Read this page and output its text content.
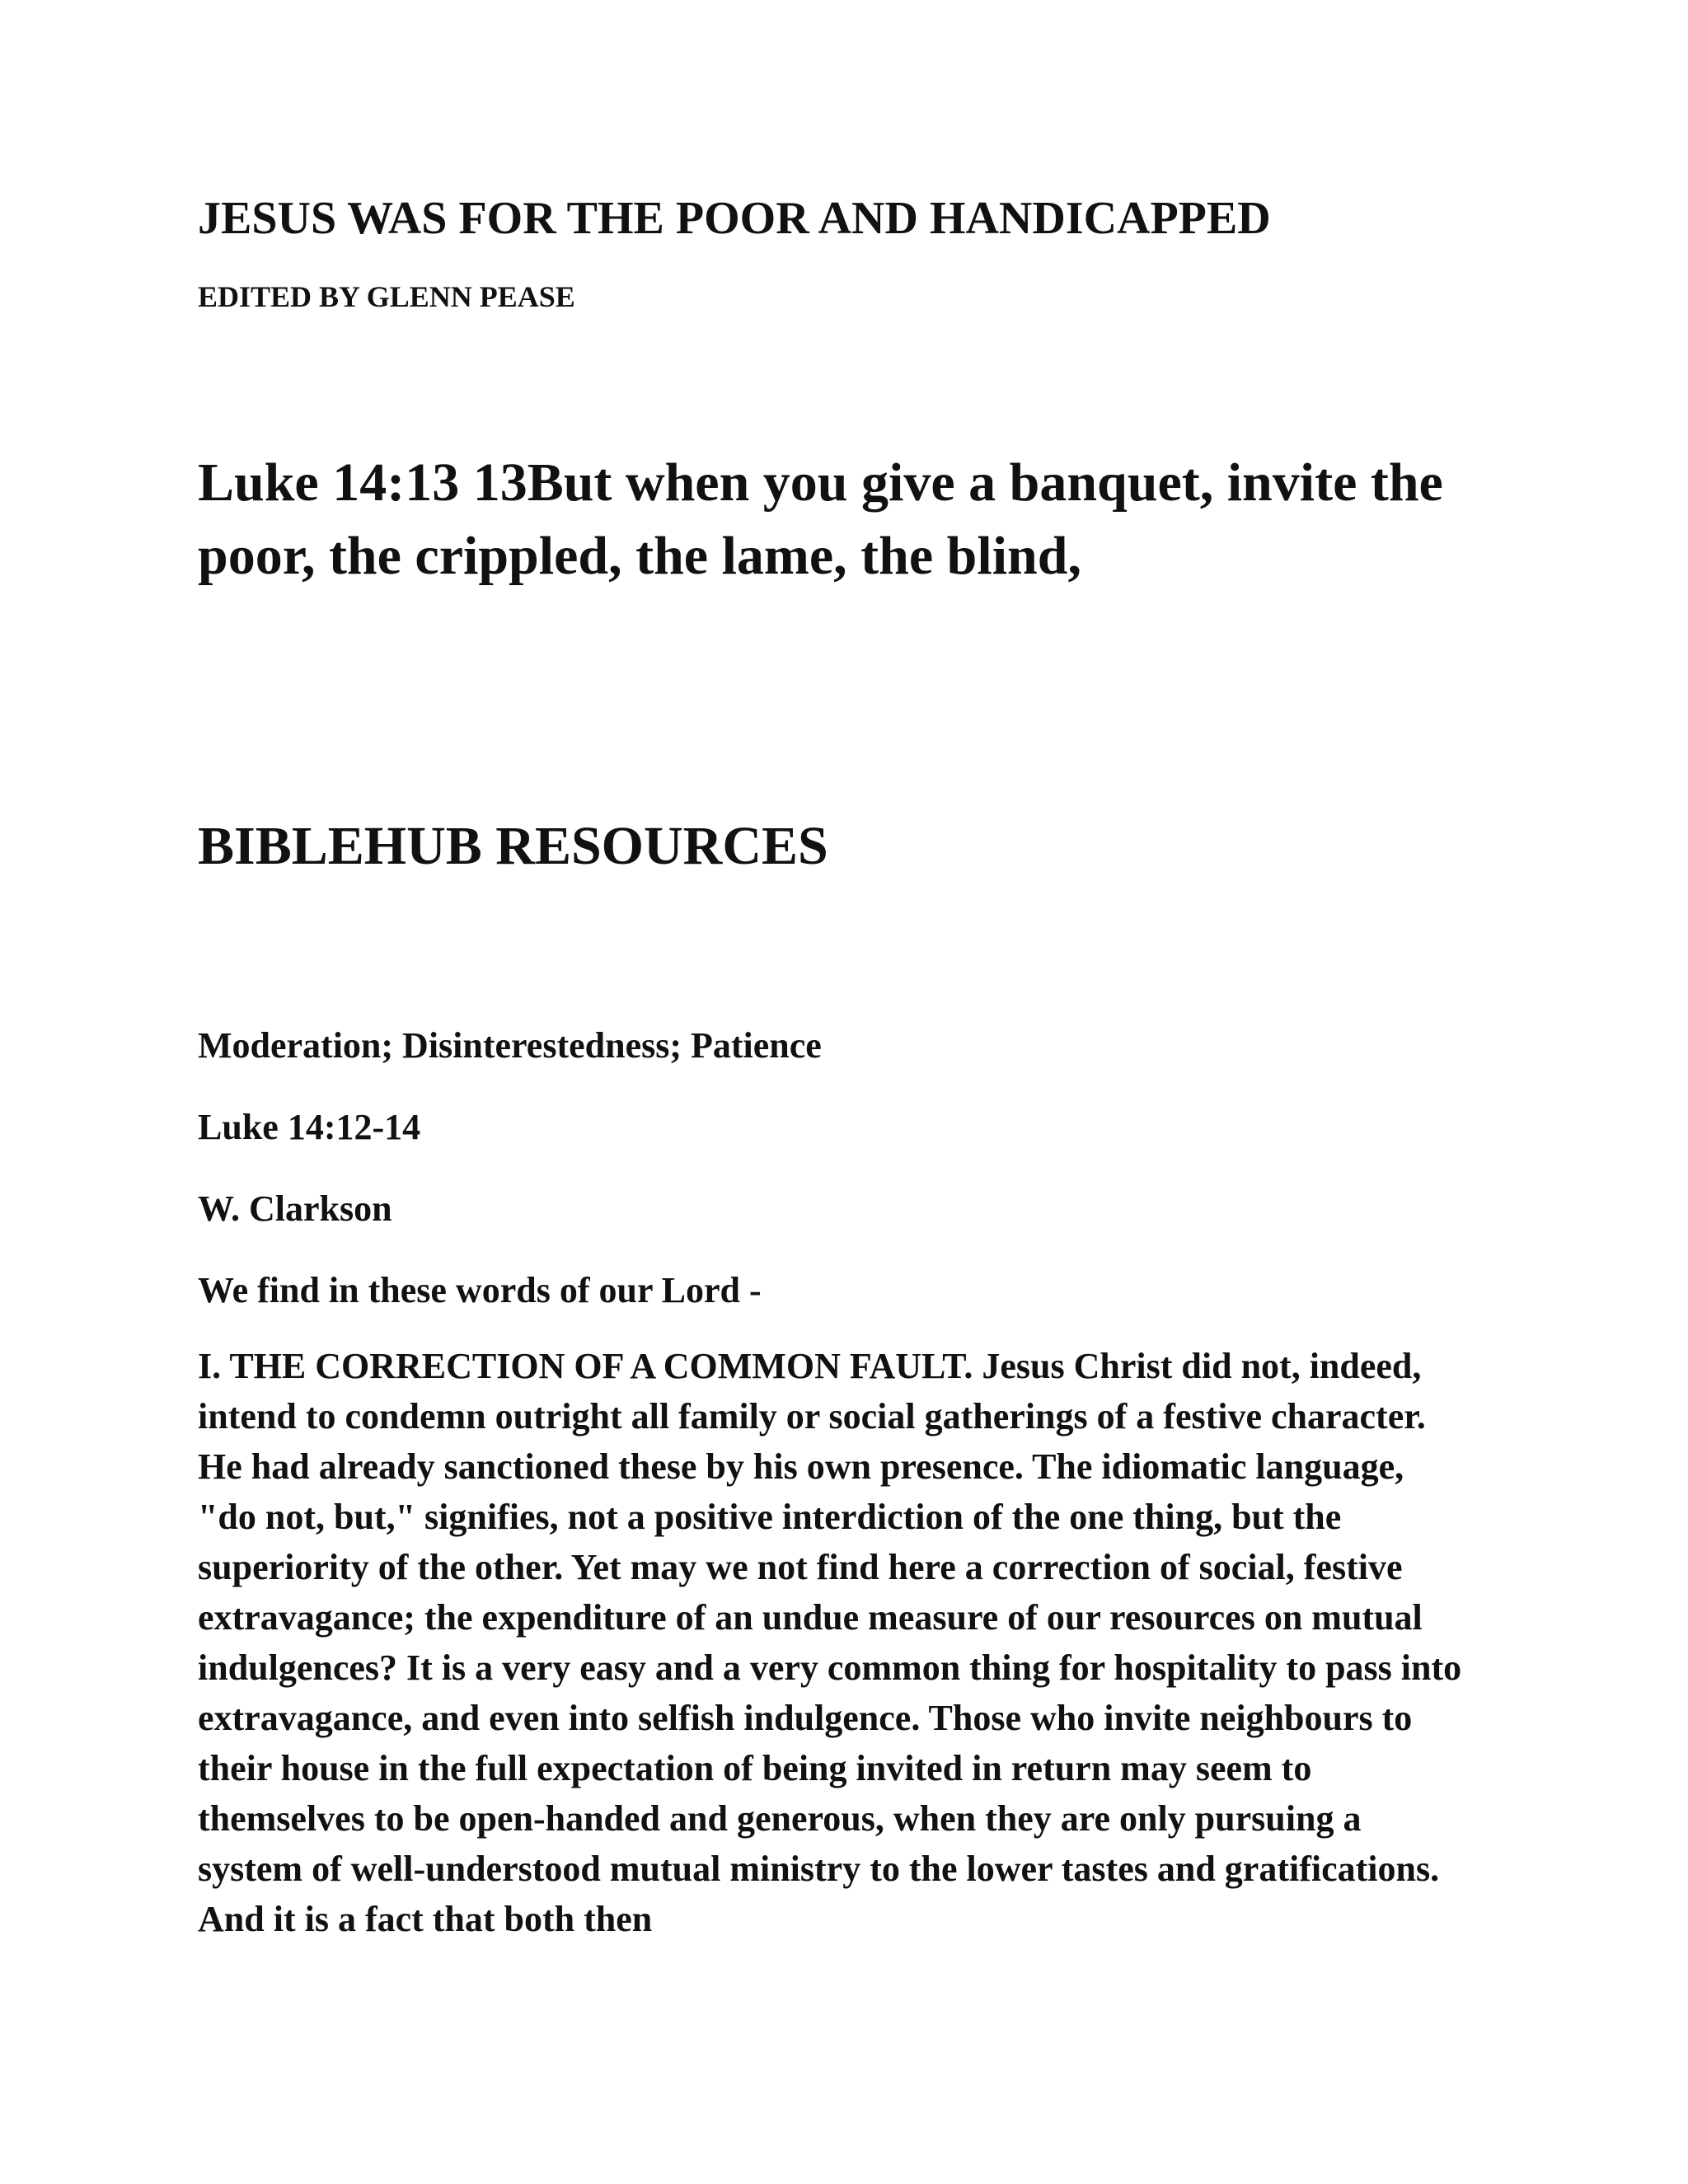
JESUS WAS FOR THE POOR AND HANDICAPPED
EDITED BY GLENN PEASE
Luke 14:13 13But when you give a banquet, invite the poor, the crippled, the lame, the blind,
BIBLEHUB RESOURCES
Moderation; Disinterestedness; Patience
Luke 14:12-14
W. Clarkson
We find in these words of our Lord -
I. THE CORRECTION OF A COMMON FAULT. Jesus Christ did not, indeed, intend to condemn outright all family or social gatherings of a festive character. He had already sanctioned these by his own presence. The idiomatic language, "do not, but," signifies, not a positive interdiction of the one thing, but the superiority of the other. Yet may we not find here a correction of social, festive extravagance; the expenditure of an undue measure of our resources on mutual indulgences? It is a very easy and a very common thing for hospitality to pass into extravagance, and even into selfish indulgence. Those who invite neighbours to their house in the full expectation of being invited in return may seem to themselves to be open-handed and generous, when they are only pursuing a system of well-understood mutual ministry to the lower tastes and gratifications. And it is a fact that both then
